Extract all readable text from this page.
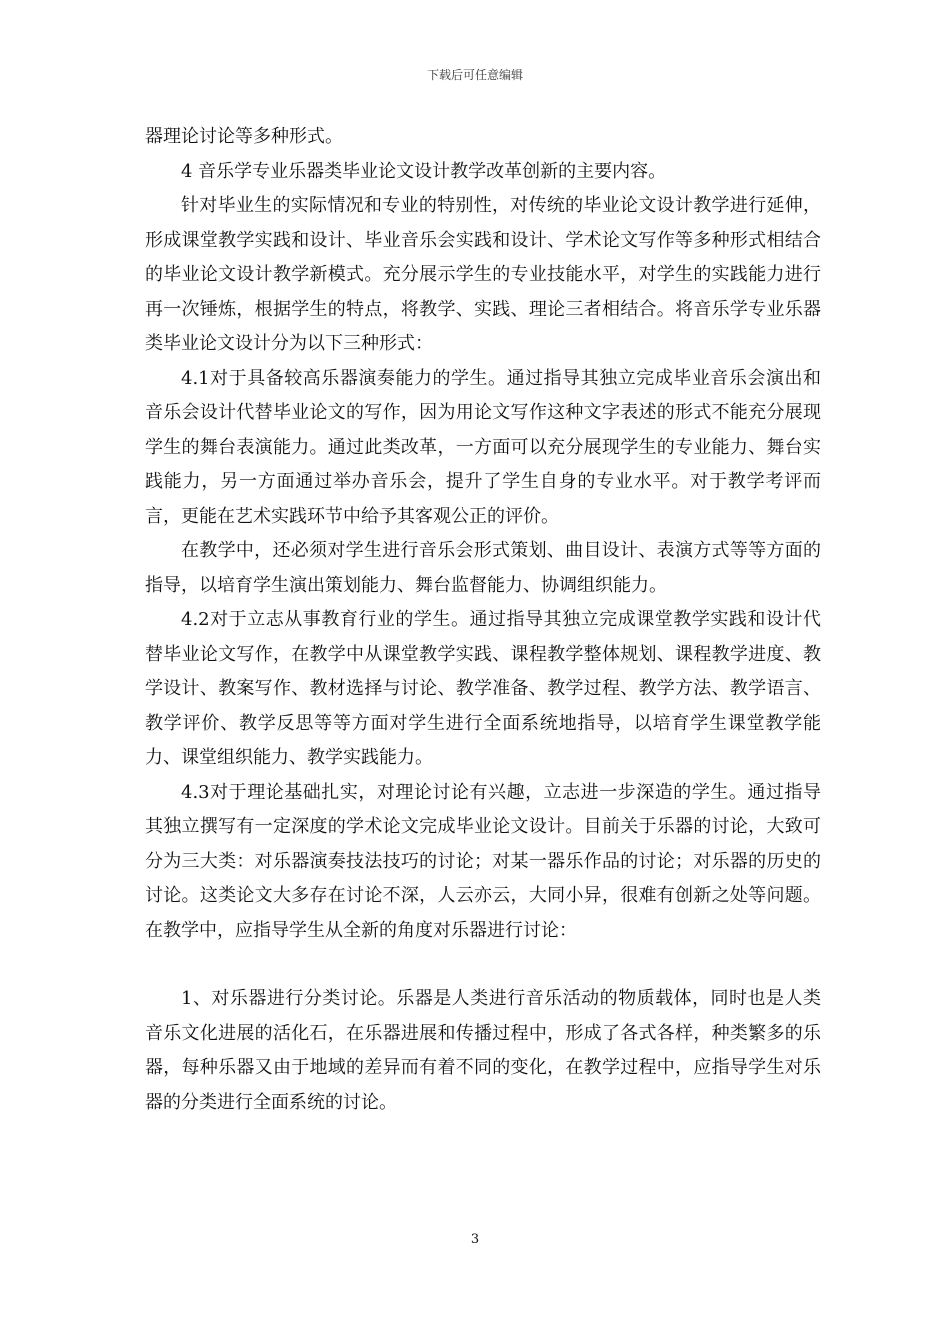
下载后可任意编辑

器理论讨论等多种形式。

4 音乐学专业乐器类毕业论文设计教学改革创新的主要内容。

针对毕业生的实际情况和专业的特别性，对传统的毕业论文设计教学进行延伸，形成课堂教学实践和设计、毕业音乐会实践和设计、学术论文写作等多种形式相结合的毕业论文设计教学新模式。充分展示学生的专业技能水平，对学生的实践能力进行再一次锤炼，根据学生的特点，将教学、实践、理论三者相结合。将音乐学专业乐器类毕业论文设计分为以下三种形式：

4.1对于具备较高乐器演奏能力的学生。通过指导其独立完成毕业音乐会演出和音乐会设计代替毕业论文的写作，因为用论文写作这种文字表述的形式不能充分展现学生的舞台表演能力。通过此类改革，一方面可以充分展现学生的专业能力、舞台实践能力，另一方面通过举办音乐会，提升了学生自身的专业水平。对于教学考评而言，更能在艺术实践环节中给予其客观公正的评价。

在教学中，还必须对学生进行音乐会形式策划、曲目设计、表演方式等等方面的指导，以培育学生演出策划能力、舞台监督能力、协调组织能力。

4.2对于立志从事教育行业的学生。通过指导其独立完成课堂教学实践和设计代替毕业论文写作，在教学中从课堂教学实践、课程教学整体规划、课程教学进度、教学设计、教案写作、教材选择与讨论、教学准备、教学过程、教学方法、教学语言、教学评价、教学反思等等方面对学生进行全面系统地指导，以培育学生课堂教学能力、课堂组织能力、教学实践能力。

4.3对于理论基础扎实，对理论讨论有兴趣，立志进一步深造的学生。通过指导其独立撰写有一定深度的学术论文完成毕业论文设计。目前关于乐器的讨论，大致可分为三大类：对乐器演奏技法技巧的讨论；对某一器乐作品的讨论；对乐器的历史的讨论。这类论文大多存在讨论不深，人云亦云，大同小异，很难有创新之处等问题。在教学中，应指导学生从全新的角度对乐器进行讨论：

1、对乐器进行分类讨论。乐器是人类进行音乐活动的物质载体，同时也是人类音乐文化进展的活化石，在乐器进展和传播过程中，形成了各式各样，种类繁多的乐器，每种乐器又由于地域的差异而有着不同的变化，在教学过程中，应指导学生对乐器的分类进行全面系统的讨论。

3
